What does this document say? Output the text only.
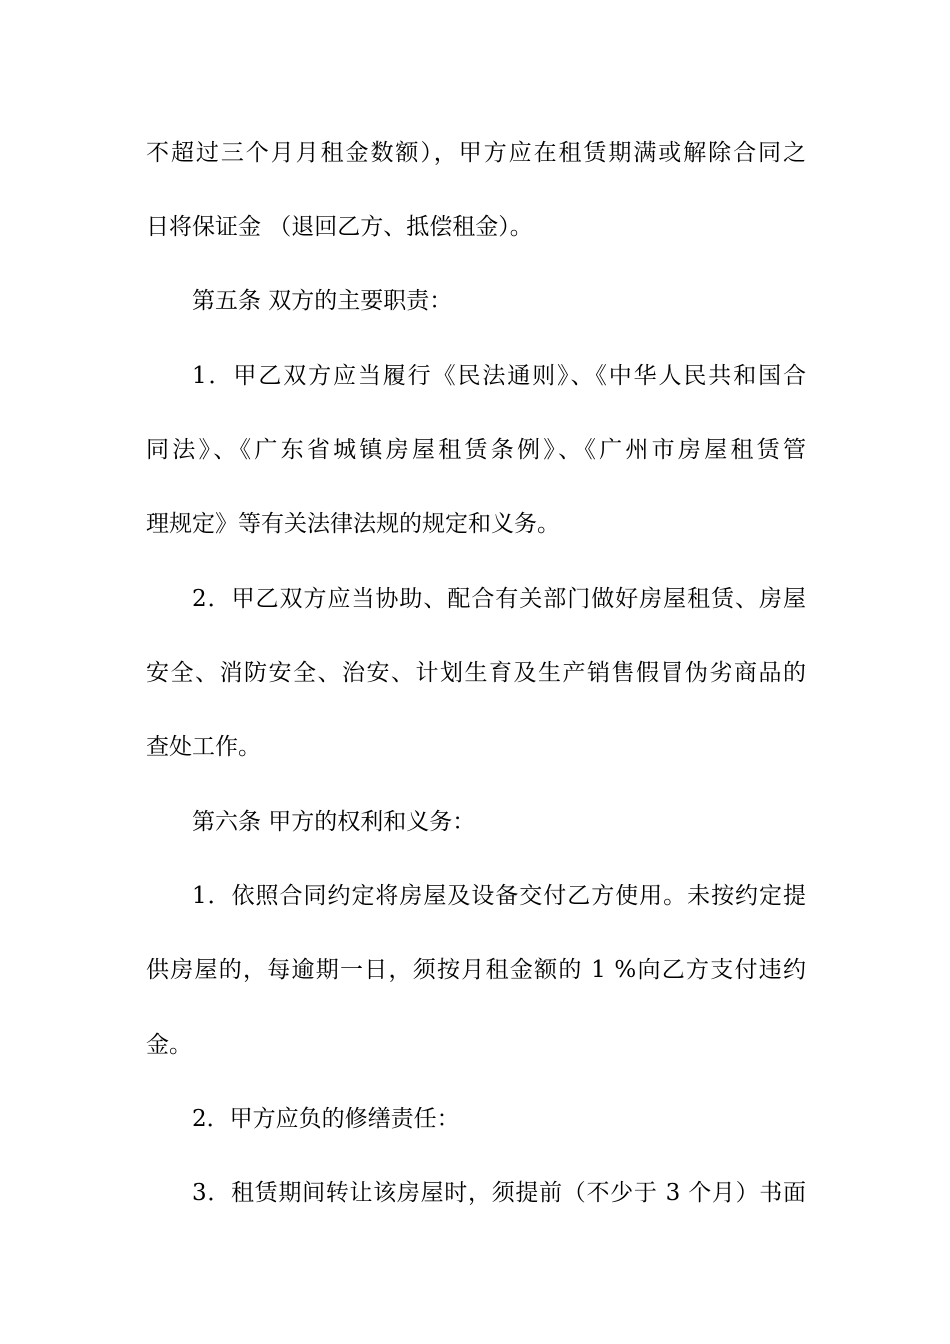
不超过三个月月租金数额），甲方应在租赁期满或解除合同之
日将保证金 （退回乙方、抵偿租金）。
第五条 双方的主要职责：
1．甲乙双方应当履行《民法通则》、《中华人民共和国合
同法》、《广东省城镇房屋租赁条例》、《广州市房屋租赁管
理规定》等有关法律法规的规定和义务。
2．甲乙双方应当协助、配合有关部门做好房屋租赁、房屋
安全、消防安全、治安、计划生育及生产销售假冒伪劣商品的
查处工作。
第六条 甲方的权利和义务：
1．依照合同约定将房屋及设备交付乙方使用。未按约定提
供房屋的，每逾期一日，须按月租金额的 1 %向乙方支付违约
金。
2．甲方应负的修缮责任：
3．租赁期间转让该房屋时，须提前（不少于 3 个月）书面
